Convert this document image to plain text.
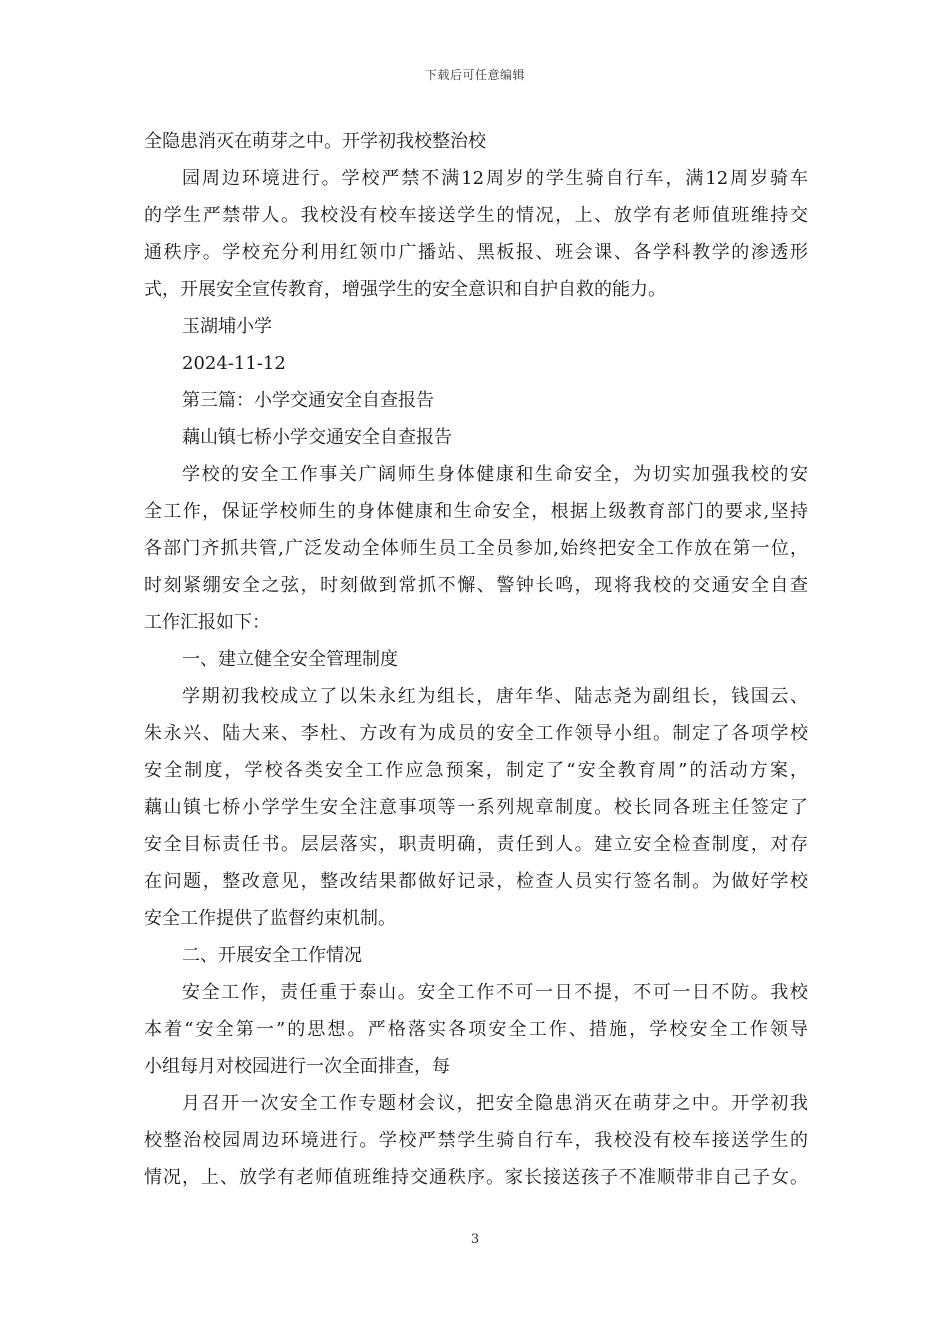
下载后可任意编辑
全隐患消灭在萌芽之中。开学初我校整治校
园周边环境进行。学校严禁不满12周岁的学生骑自行车，满12周岁骑车
的学生严禁带人。我校没有校车接送学生的情况，上、放学有老师值班维持交
通秩序。学校充分利用红领巾广播站、黑板报、班会课、各学科教学的渗透形
式，开展安全宣传教育，增强学生的安全意识和自护自救的能力。
玉湖埔小学
2024-11-12
第三篇：小学交通安全自查报告
藕山镇七桥小学交通安全自查报告
学校的安全工作事关广阔师生身体健康和生命安全，为切实加强我校的安
全工作，保证学校师生的身体健康和生命安全，根据上级教育部门的要求,坚持
各部门齐抓共管,广泛发动全体师生员工全员参加,始终把安全工作放在第一位，
时刻紧绷安全之弦，时刻做到常抓不懈、警钟长鸣，现将我校的交通安全自查
工作汇报如下：
一、建立健全安全管理制度
学期初我校成立了以朱永红为组长，唐年华、陆志尧为副组长，钱国云、
朱永兴、陆大来、李杜、方改有为成员的安全工作领导小组。制定了各项学校
安全制度，学校各类安全工作应急预案，制定了“安全教育周”的活动方案，
藕山镇七桥小学学生安全注意事项等一系列规章制度。校长同各班主任签定了
安全目标责任书。层层落实，职责明确，责任到人。建立安全检查制度，对存
在问题，整改意见，整改结果都做好记录，检查人员实行签名制。为做好学校
安全工作提供了监督约束机制。
二、开展安全工作情况
安全工作，责任重于泰山。安全工作不可一日不提，不可一日不防。我校
本着“安全第一”的思想。严格落实各项安全工作、措施，学校安全工作领导
小组每月对校园进行一次全面排查，每
月召开一次安全工作专题材会议，把安全隐患消灭在萌芽之中。开学初我
校整治校园周边环境进行。学校严禁学生骑自行车，我校没有校车接送学生的
情况，上、放学有老师值班维持交通秩序。家长接送孩子不准顺带非自己子女。
3
